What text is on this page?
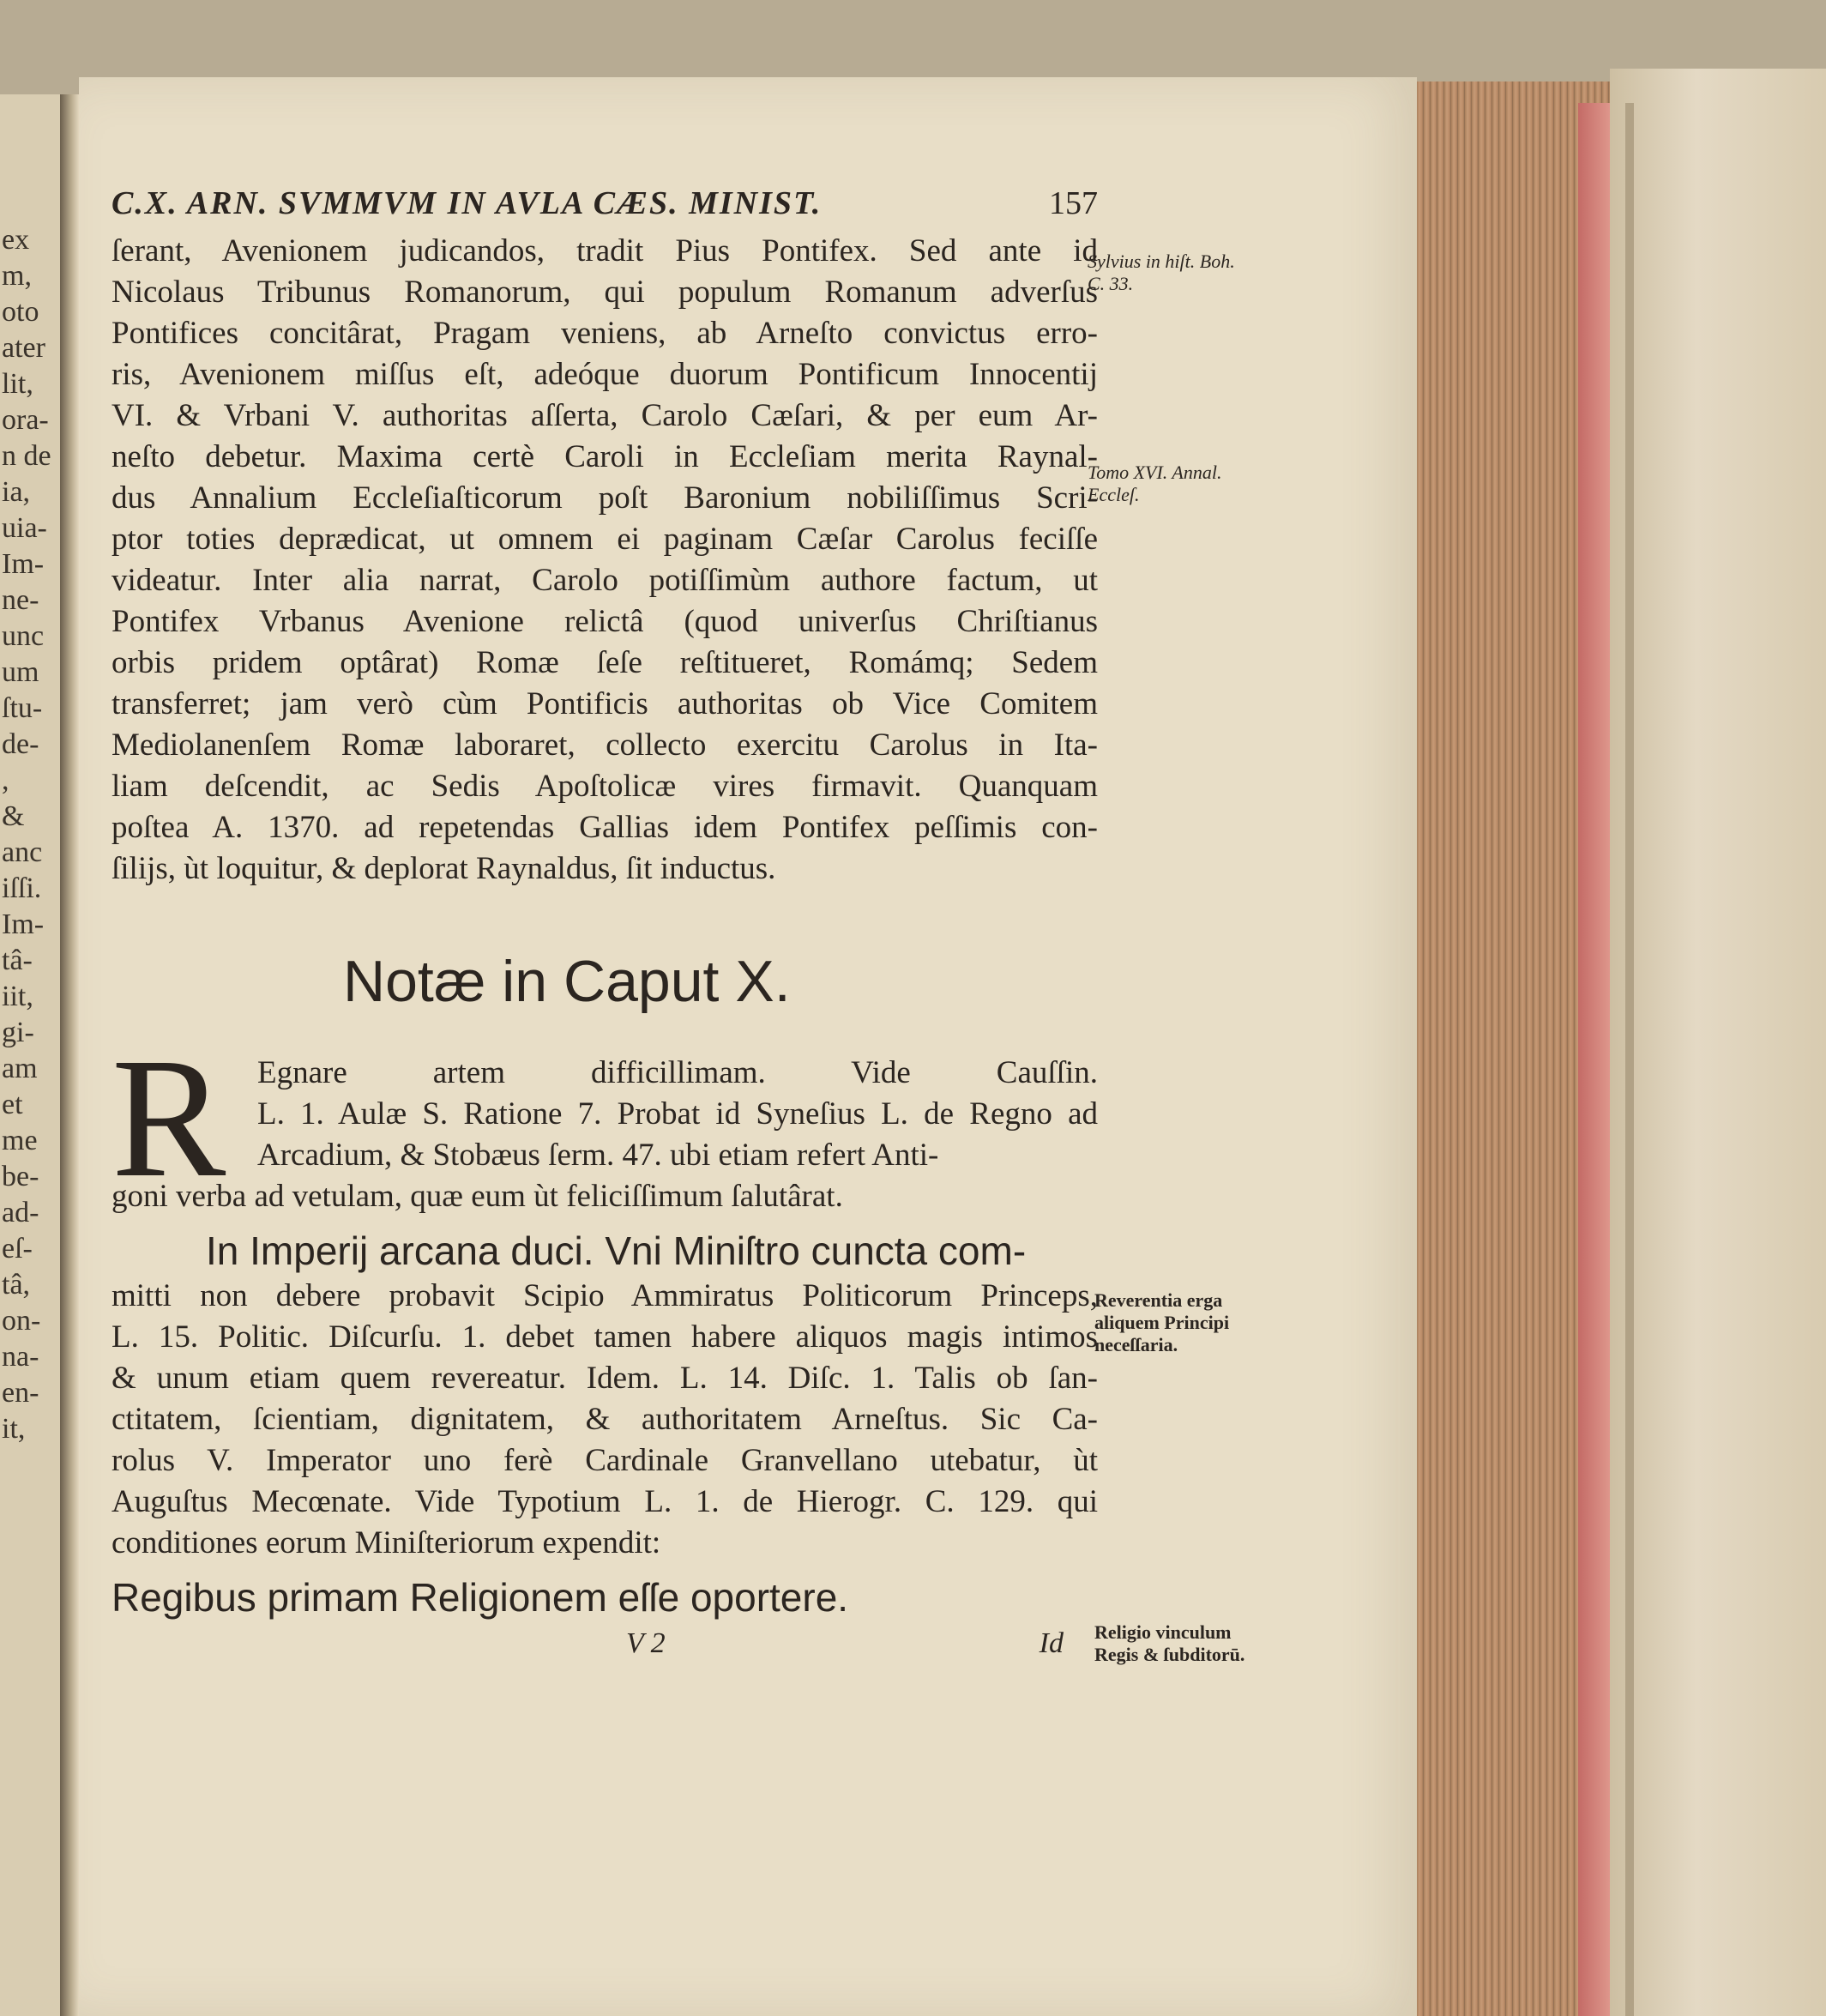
ex
m,
oto
ater
lit,
ora-
n de
ia,
uia-
Im-
ne-
unc
um
ſtu-
de-
,
&
anc
iſſi.
Im-
tâ-
iit,
gi-
am
et
me
be-
ad-
eſ-
tâ,
on-
na-
en-
it,
C.X. ARN. SVMMVM IN AVLA CÆS. MINIST.	157
ſerant, Avenionem judicandos, tradit Pius Pontifex. Sed ante id
Nicolaus Tribunus Romanorum, qui populum Romanum adverſus
Pontifices concitârat, Pragam veniens, ab Arneſto convictus erro-
ris, Avenionem miſſus eſt, adeóque duorum Pontificum Innocentij
VI. & Vrbani V. authoritas aſſerta, Carolo Cæſari, & per eum Ar-
neſto debetur. Maxima certè Caroli in Eccleſiam merita Raynal-
dus Annalium Eccleſiaſticorum poſt Baronium nobiliſſimus Scri-
ptor toties deprædicat, ut omnem ei paginam Cæſar Carolus feciſſe
videatur. Inter alia narrat, Carolo potiſſimùm authore factum, ut
Pontifex Vrbanus Avenione relictâ (quod univerſus Chriſtianus
orbis pridem optârat) Romæ ſeſe reſtitueret, Romámq; Sedem
transferret; jam verò cùm Pontificis authoritas ob Vice Comitem
Mediolanenſem Romæ laboraret, collecto exercitu Carolus in Ita-
liam deſcendit, ac Sedis Apoſtolicæ vires firmavit. Quanquam
poſtea A. 1370. ad repetendas Gallias idem Pontifex peſſimis con-
ſilijs, ùt loquitur, & deplorat Raynaldus, ſit inductus.
Notæ in Caput X.
R Egnare artem difficillimam. Vide Cauſſin.
L. 1. Aulæ S. Ratione 7. Probat id Syneſius L. de Regno ad
Arcadium, & Stobæus ſerm. 47. ubi etiam refert Anti-
goni verba ad vetulam, quæ eum ùt feliciſſimum ſalutârat.
In Imperij arcana duci. Vni Miniſtro cuncta com-
mitti non debere probavit Scipio Ammiratus Politicorum Princeps,
L. 15. Politic. Diſcurſu. 1. debet tamen habere aliquos magis intimos
& unum etiam quem revereatur. Idem. L. 14. Diſc. 1. Talis ob ſan-
ctitatem, ſcientiam, dignitatem, & authoritatem Arneſtus. Sic Ca-
rolus V. Imperator uno ferè Cardinale Granvellano utebatur, ùt
Auguſtus Mecœnate. Vide Typotium L. 1. de Hierogr. C. 129. qui
conditiones eorum Miniſteriorum expendit:
Regibus primam Religionem eſſe oportere.
V 2	Id
Sylvius in hiſt. Boh. C. 33.
Tomo XVI. Annal. Eccleſ.
Reverentia erga aliquem Principi neceſſaria.
Religio vinculum Regis & ſubditorū.
